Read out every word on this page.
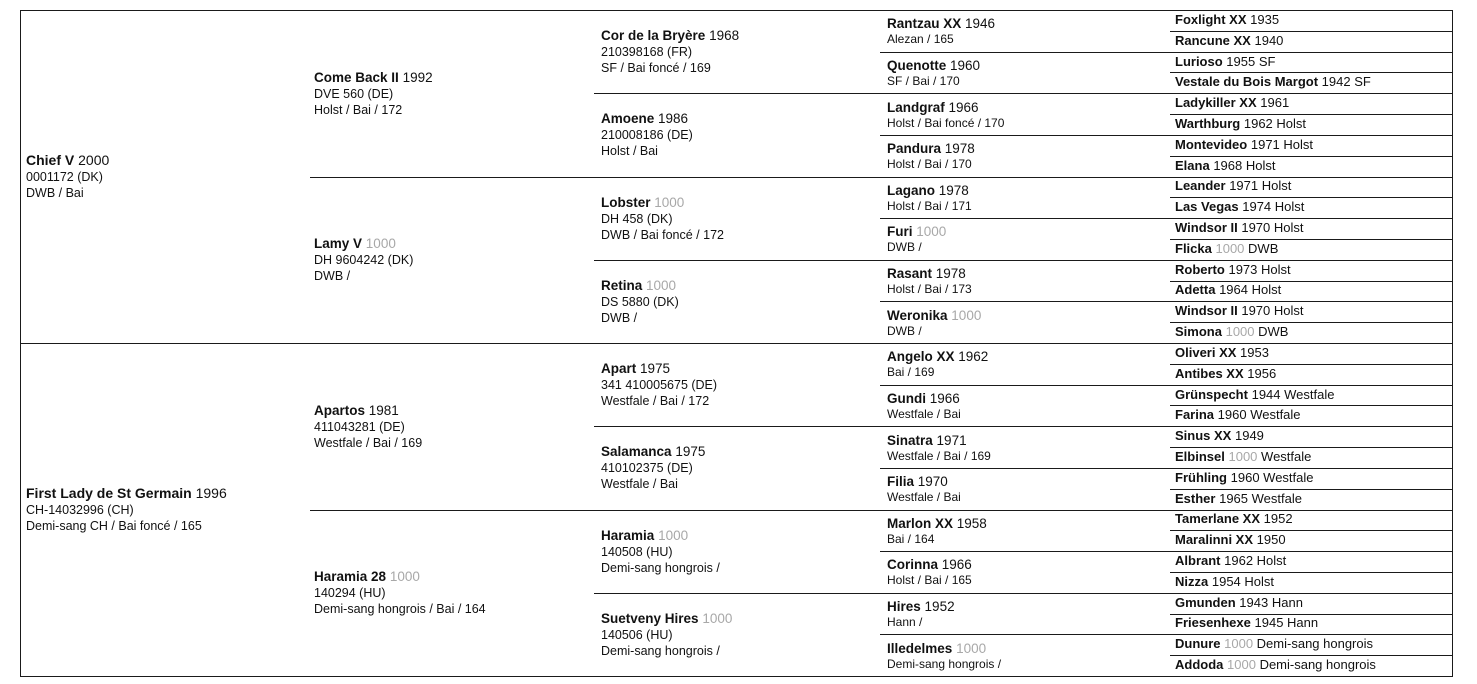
Chief V 2000
0001172 (DK)
DWB / Bai
First Lady de St Germain 1996
CH-14032996 (CH)
Demi-sang CH / Bai foncé / 165
Come Back II 1992
DVE 560 (DE)
Holst / Bai / 172
Lamy V 1000
DH 9604242 (DK)
DWB /
Apartos 1981
411043281 (DE)
Westfale / Bai / 169
Haramia 28 1000
140294 (HU)
Demi-sang hongrois / Bai / 164
Cor de la Bryère 1968
210398168 (FR)
SF / Bai foncé / 169
Amoene 1986
210008186 (DE)
Holst / Bai
Lobster 1000
DH 458 (DK)
DWB / Bai foncé / 172
Retina 1000
DS 5880 (DK)
DWB /
Apart 1975
341 410005675 (DE)
Westfale / Bai / 172
Salamanca 1975
410102375 (DE)
Westfale / Bai
Haramia 1000
140508 (HU)
Demi-sang hongrois /
Suetveny Hires 1000
140506 (HU)
Demi-sang hongrois /
Rantzau XX 1946
Alezan / 165
Quenotte 1960
SF / Bai / 170
Landgraf 1966
Holst / Bai foncé / 170
Pandura 1978
Holst / Bai / 170
Lagano 1978
Holst / Bai / 171
Furi 1000
DWB /
Rasant 1978
Holst / Bai / 173
Weronika 1000
DWB /
Angelo XX 1962
Bai / 169
Gundi 1966
Westfale / Bai
Sinatra 1971
Westfale / Bai / 169
Filia 1970
Westfale / Bai
Marlon XX 1958
Bai / 164
Corinna 1966
Holst / Bai / 165
Hires 1952
Hann /
Illedelmes 1000
Demi-sang hongrois /
Foxlight XX 1935
Rancune XX 1940
Lurioso 1955 SF
Vestale du Bois Margot 1942 SF
Ladykiller XX 1961
Warthburg 1962 Holst
Montevideo 1971 Holst
Elana 1968 Holst
Leander 1971 Holst
Las Vegas 1974 Holst
Windsor II 1970 Holst
Flicka 1000 DWB
Roberto 1973 Holst
Adetta 1964 Holst
Windsor II 1970 Holst
Simona 1000 DWB
Oliveri XX 1953
Antibes XX 1956
Grünspecht 1944 Westfale
Farina 1960 Westfale
Sinus XX 1949
Elbinsel 1000 Westfale
Frühling 1960 Westfale
Esther 1965 Westfale
Tamerlane XX 1952
Maralinni XX 1950
Albrant 1962 Holst
Nizza 1954 Holst
Gmunden 1943 Hann
Friesenhexe 1945 Hann
Dunure 1000 Demi-sang hongrois
Addoda 1000 Demi-sang hongrois
